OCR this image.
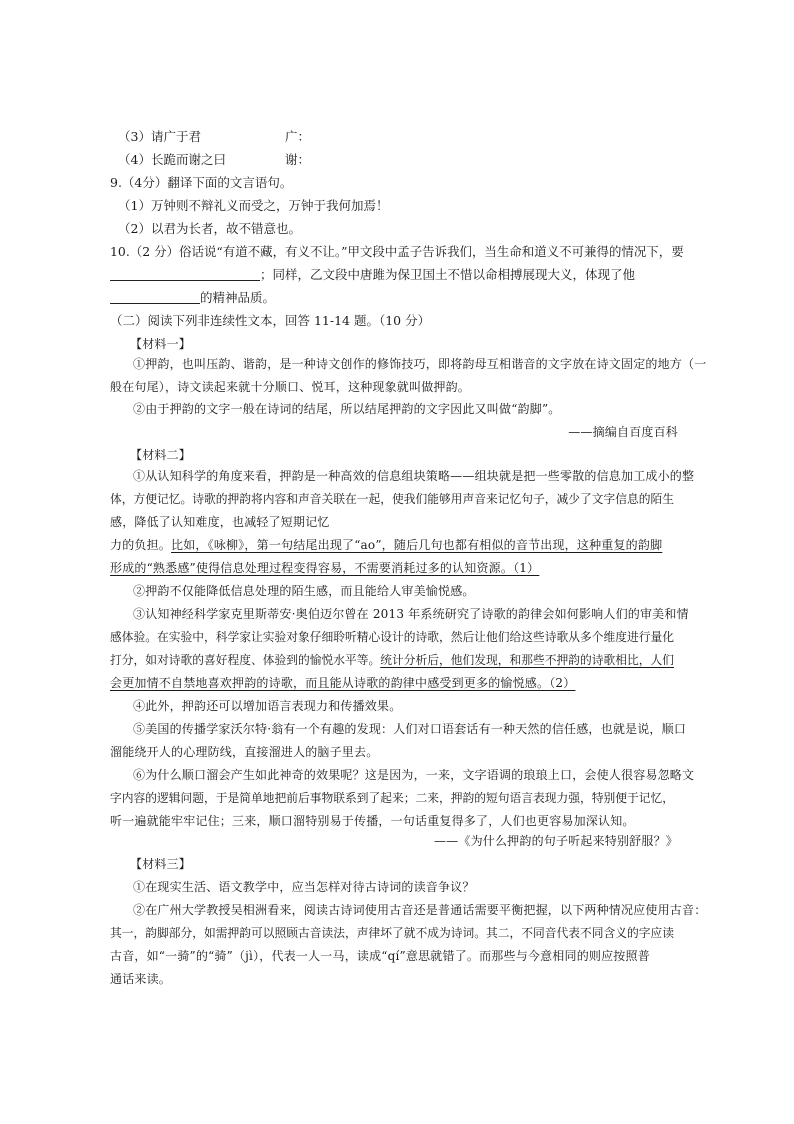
（3）请广于君	广：
（4）长跪而谢之曰	谢：
9.（4分）翻译下面的文言语句。
（1）万钟则不辩礼义而受之，万钟于我何加焉！
（2）以君为长者，故不错意也。
10.（2 分）俗话说“有道不藏，有义不让。”甲文段中孟子告诉我们，当生命和道义不可兼得的情况下，要
；同样，乙文段中唐雎为保卫国土不惜以命相搏展现大义，体现了他
的精神品质。
（二）阅读下列非连续性文本，回答 11-14 题。（10 分）
【材料一】
①押韵，也叫压韵、谐韵，是一种诗文创作的修饰技巧，即将韵母互相谐音的文字放在诗文固定的地方（一
般在句尾），诗文读起来就十分顺口、悦耳，这种现象就叫做押韵。
②由于押韵的文字一般在诗词的结尾，所以结尾押韵的文字因此又叫做“韵脚”。
——摘编自百度百科
【材料二】
①从认知科学的角度来看，押韵是一种高效的信息组块策略——组块就是把一些零散的信息加工成小的整
体，方便记忆。诗歌的押韵将内容和声音关联在一起，使我们能够用声音来记忆句子，减少了文字信息的陌生
感，降低了认知难度，也减轻了短期记忆
力的负担。比如，《咏柳》，第一句结尾出现了“ao”，随后几句也都有相似的音节出现，这种重复的韵脚
形成的“熟悉感”使得信息处理过程变得容易，不需要消耗过多的认知资源。（1）
②押韵不仅能降低信息处理的陌生感，而且能给人审美愉悦感。
③认知神经科学家克里斯蒂安·奥伯迈尔曾在 2013 年系统研究了诗歌的韵律会如何影响人们的审美和情
感体验。在实验中，科学家让实验对象仔细聆听精心设计的诗歌，然后让他们给这些诗歌从多个维度进行量化
打分，如对诗歌的喜好程度、体验到的愉悦水平等。统计分析后，他们发现，和那些不押韵的诗歌相比，人们
会更加情不自禁地喜欢押韵的诗歌，而且能从诗歌的韵律中感受到更多的愉悦感。（2）
④此外，押韵还可以增加语言表现力和传播效果。
⑤美国的传播学家沃尔特·翁有一个有趣的发现：人们对口语套话有一种天然的信任感，也就是说，顺口
溜能绕开人的心理防线，直接溜进人的脑子里去。
⑥为什么顺口溜会产生如此神奇的效果呢？这是因为，一来，文字语调的琅琅上口，会使人很容易忽略文
字内容的逻辑问题，于是简单地把前后事物联系到了起来；二来，押韵的短句语言表现力强，特别便于记忆，
听一遍就能牢牢记住；三来，顺口溜特别易于传播，一句话重复得多了，人们也更容易加深认知。
——《为什么押韵的句子听起来特别舒服？》
【材料三】
①在现实生活、语文教学中，应当怎样对待古诗词的读音争议？
②在广州大学教授吴相洲看来，阅读古诗词使用古音还是普通话需要平衡把握，以下两种情况应使用古音：
其一，韵脚部分，如需押韵可以照顾古音读法，声律坏了就不成为诗词。其二，不同音代表不同含义的字应读
古音，如“一骑”的“骑”（jì），代表一人一马，读成“qí”意思就错了。而那些与今意相同的则应按照普
通话来读。
